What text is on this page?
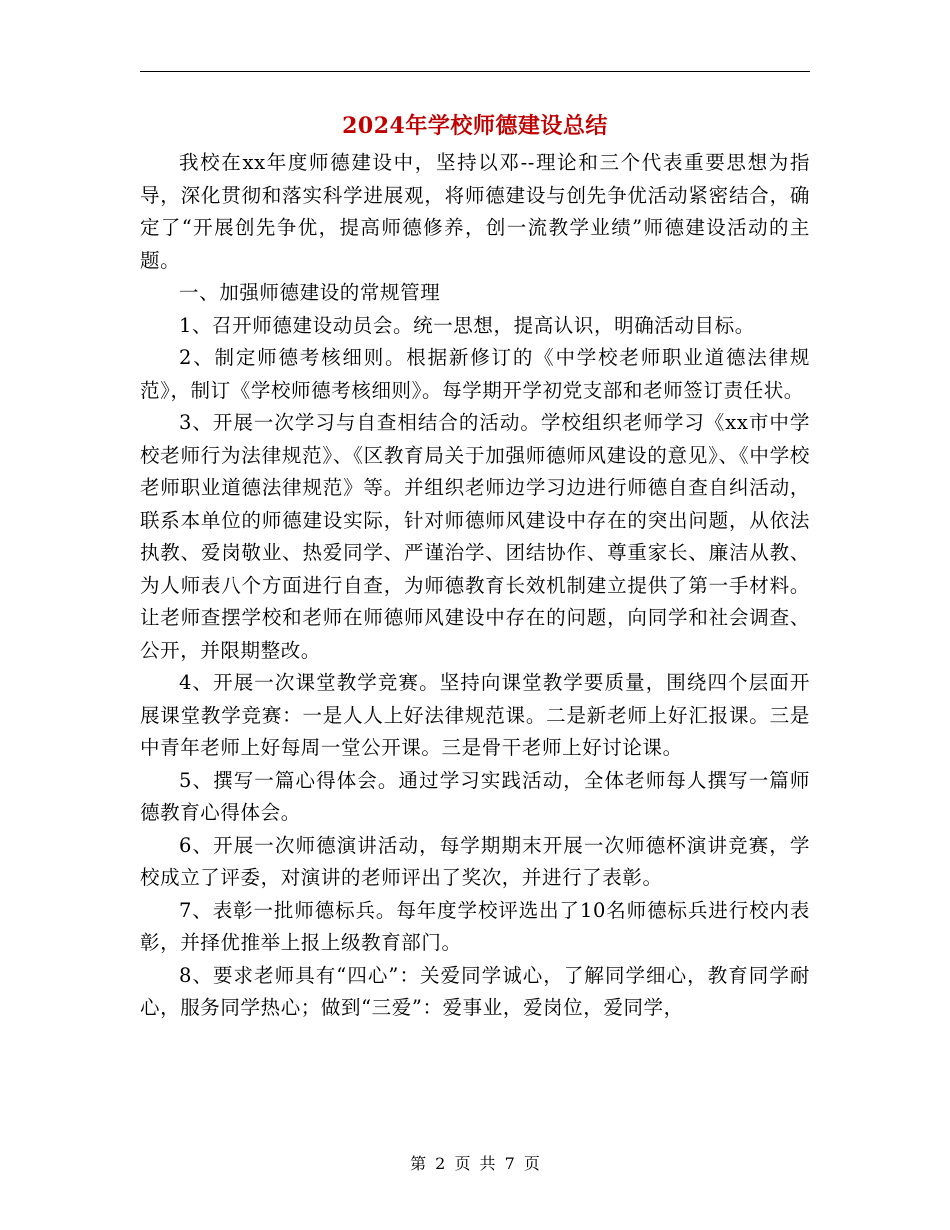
2024年学校师德建设总结

我校在xx年度师德建设中，坚持以邓--理论和三个代表重要思想为指导，深化贯彻和落实科学进展观，将师德建设与创先争优活动紧密结合，确定了“开展创先争优，提高师德修养，创一流教学业绩”师德建设活动的主题。

一、加强师德建设的常规管理

1、召开师德建设动员会。统一思想，提高认识，明确活动目标。

2、制定师德考核细则。根据新修订的《中学校老师职业道德法律规范》，制订《学校师德考核细则》。每学期开学初党支部和老师签订责任状。

3、开展一次学习与自查相结合的活动。学校组织老师学习《xx市中学校老师行为法律规范》、《区教育局关于加强师德师风建设的意见》、《中学校老师职业道德法律规范》等。并组织老师边学习边进行师德自查自纠活动，联系本单位的师德建设实际，针对师德师风建设中存在的突出问题，从依法执教、爱岗敬业、热爱同学、严谨治学、团结协作、尊重家长、廉洁从教、为人师表八个方面进行自查，为师德教育长效机制建立提供了第一手材料。让老师查摆学校和老师在师德师风建设中存在的问题，向同学和社会调查、公开，并限期整改。

4、开展一次课堂教学竞赛。坚持向课堂教学要质量，围绕四个层面开展课堂教学竞赛：一是人人上好法律规范课。二是新老师上好汇报课。三是中青年老师上好每周一堂公开课。三是骨干老师上好讨论课。

5、撰写一篇心得体会。通过学习实践活动，全体老师每人撰写一篇师德教育心得体会。

6、开展一次师德演讲活动，每学期期末开展一次师德杯演讲竞赛，学校成立了评委，对演讲的老师评出了奖次，并进行了表彰。

7、表彰一批师德标兵。每年度学校评选出了10名师德标兵进行校内表彰，并择优推举上报上级教育部门。

8、要求老师具有“四心”：关爱同学诚心，了解同学细心，教育同学耐心，服务同学热心；做到“三爱”：爱事业，爱岗位，爱同学，

第 2 页 共 7 页
